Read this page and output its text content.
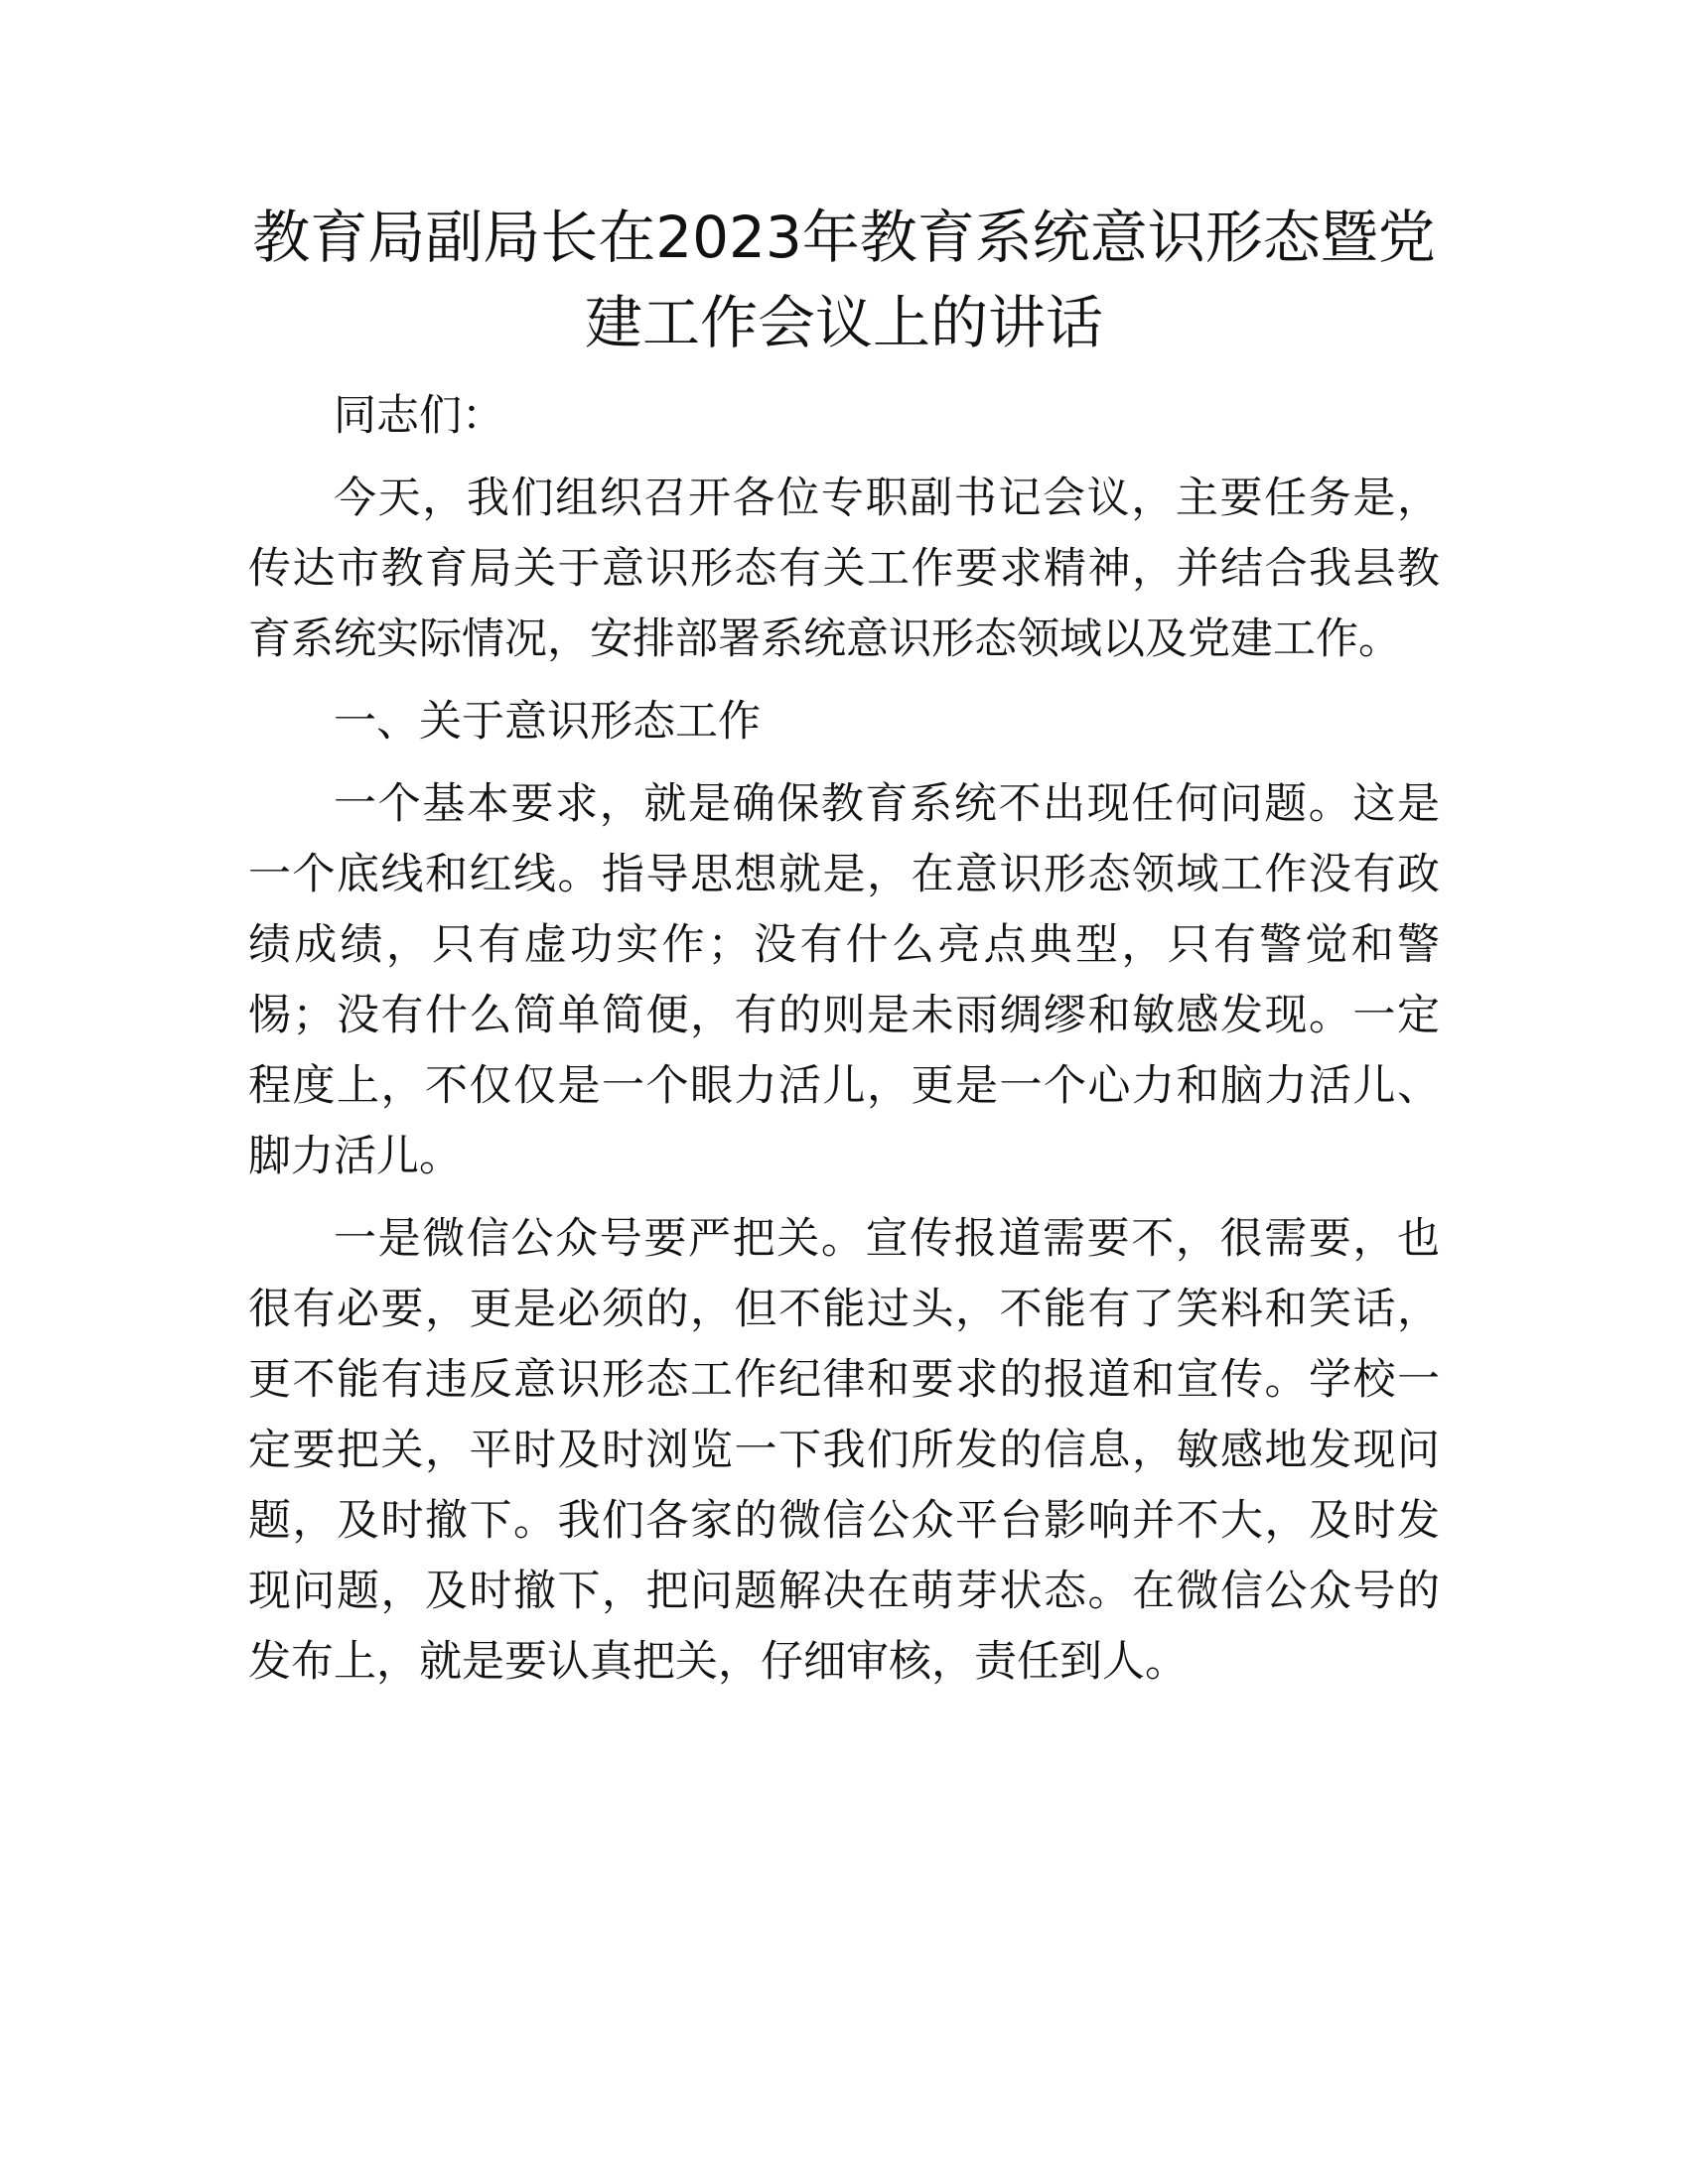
教育局副局长在2023年教育系统意识形态暨党建工作会议上的讲话

同志们：

今天，我们组织召开各位专职副书记会议，主要任务是，传达市教育局关于意识形态有关工作要求精神，并结合我县教育系统实际情况，安排部署系统意识形态领域以及党建工作。

一、关于意识形态工作

一个基本要求，就是确保教育系统不出现任何问题。这是一个底线和红线。指导思想就是，在意识形态领域工作没有政绩成绩，只有虚功实作；没有什么亮点典型，只有警觉和警惕；没有什么简单简便，有的则是未雨绸缪和敏感发现。一定程度上，不仅仅是一个眼力活儿，更是一个心力和脑力活儿、脚力活儿。

一是微信公众号要严把关。宣传报道需要不，很需要，也很有必要，更是必须的，但不能过头，不能有了笑料和笑话，更不能有违反意识形态工作纪律和要求的报道和宣传。学校一定要把关，平时及时浏览一下我们所发的信息，敏感地发现问题，及时撤下。我们各家的微信公众平台影响并不大，及时发现问题，及时撤下，把问题解决在萌芽状态。在微信公众号的发布上，就是要认真把关，仔细审核，责任到人。
